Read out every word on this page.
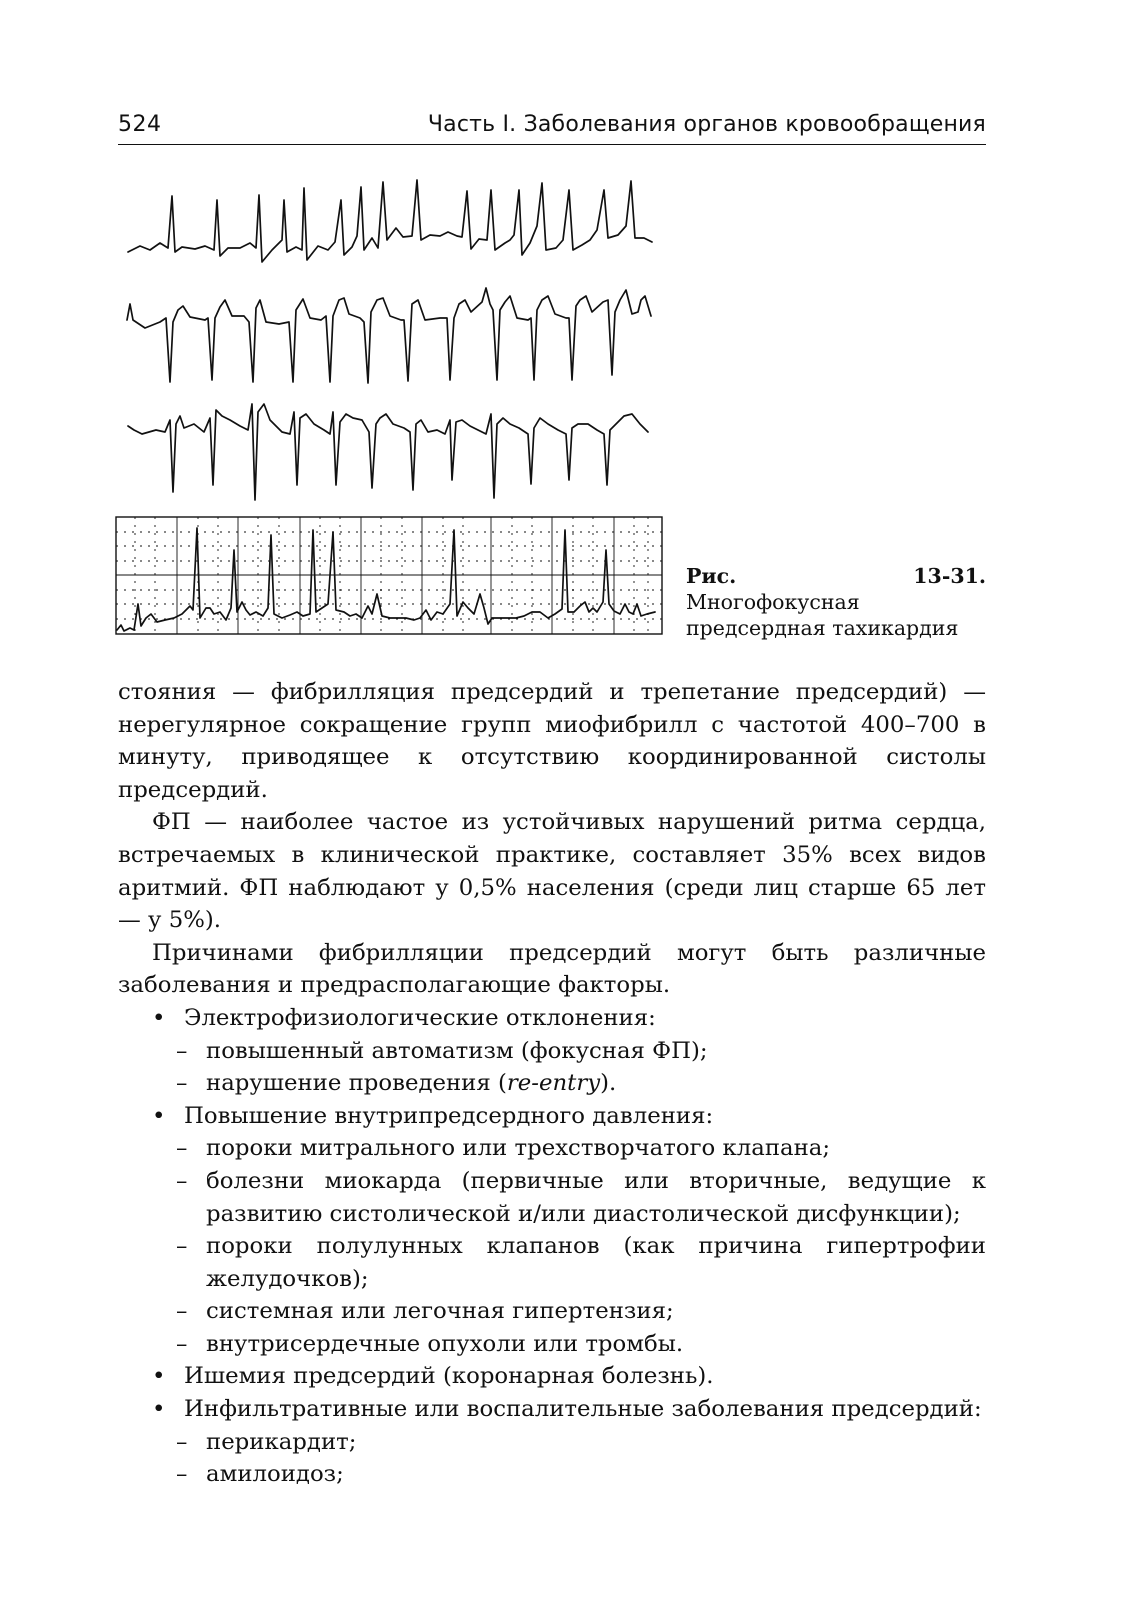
524	Часть I. Заболевания органов кровообращения
Рис. 13-31. Многофокусная предсердная тахикардия

стояния — фибрилляция предсердий и трепетание предсердий) — нерегулярное сокращение групп миофибрилл с частотой 400–700 в минуту, приводящее к отсутствию координированной систолы предсердий.

ФП — наиболее частое из устойчивых нарушений ритма сердца, встречаемых в клинической практике, составляет 35% всех видов аритмий. ФП наблюдают у 0,5% населения (среди лиц старше 65 лет — у 5%).

Причинами фибрилляции предсердий могут быть различные заболевания и предрасполагающие факторы.

• Электрофизиологические отклонения:
– повышенный автоматизм (фокусная ФП);
– нарушение проведения (re-entry).
• Повышение внутрипредсердного давления:
– пороки митрального или трехстворчатого клапана;
– болезни миокарда (первичные или вторичные, ведущие к развитию систолической и/или диастолической дисфункции);
– пороки полулунных клапанов (как причина гипертрофии желудочков);
– системная или легочная гипертензия;
– внутрисердечные опухоли или тромбы.
• Ишемия предсердий (коронарная болезнь).
• Инфильтративные или воспалительные заболевания предсердий:
– перикардит;
– амилоидоз;
